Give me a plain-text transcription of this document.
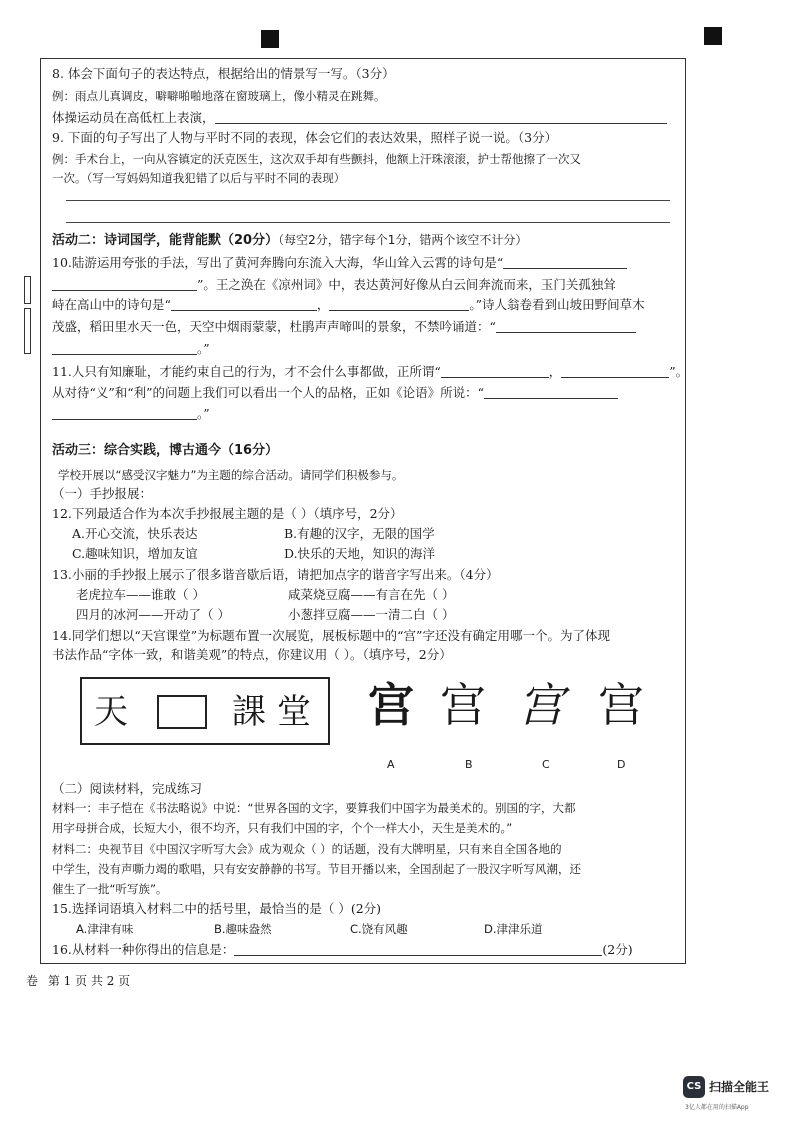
8. 体会下面句子的表达特点，根据给出的情景写一写。（3分）
例：雨点儿真调皮，噼噼啪啪地落在窗玻璃上，像小精灵在跳舞。
体操运动员在高低杠上表演，
9. 下面的句子写出了人物与平时不同的表现，体会它们的表达效果，照样子说一说。（3分）
例：手术台上，一向从容镇定的沃克医生，这次双手却有些颤抖，他额上汗珠滚滚，护士帮他擦了一次又
一次。（写一写妈妈知道我犯错了以后与平时不同的表现）
活动二：诗词国学，能背能默（20分）（每空2分，错字每个1分，错两个该空不计分）
10.陆游运用夸张的手法，写出了黄河奔腾向东流入大海，华山耸入云霄的诗句是“
”。王之涣在《凉州词》中，表达黄河好像从白云间奔流而来，玉门关孤独耸
峙在高山中的诗句是“	，	。”诗人翁卷看到山坡田野间草木
茂盛，稻田里水天一色，天空中烟雨蒙蒙，杜鹃声声啼叫的景象，不禁吟诵道：“
。”
11.人只有知廉耻，才能约束自己的行为，才不会什么事都做，正所谓“	，	”。
从对待“义”和“利”的问题上我们可以看出一个人的品格，正如《论语》所说：“
。”
活动三：综合实践，博古通今（16分）
学校开展以“感受汉字魅力”为主题的综合活动。请同学们积极参与。
（一）手抄报展：
12.下列最适合作为本次手抄报展主题的是（ ）（填序号，2分）
A.开心交流，快乐表达	B.有趣的汉字，无限的国学
C.趣味知识，增加友谊	D.快乐的天地，知识的海洋
13.小丽的手抄报上展示了很多谐音歇后语，请把加点字的谐音字写出来。（4分）
老虎拉车——谁敢（ ）	咸菜烧豆腐——有言在先（ ）
四月的冰河——开动了（ ）	小葱拌豆腐——一清二白（ ）
14.同学们想以“天宫课堂”为标题布置一次展览，展板标题中的“宫”字还没有确定用哪一个。为了体现
书法作品“字体一致，和谐美观”的特点，你建议用（ ）。（填序号，2分）
天	課 堂 宫 宫 宫 宫
A	B	C	D
（二）阅读材料，完成练习
材料一：丰子恺在《书法略说》中说：“世界各国的文字，要算我们中国字为最美术的。别国的字，大都
用字母拼合成，长短大小，很不均齐，只有我们中国的字，个个一样大小，天生是美术的。”
材料二：央视节目《中国汉字听写大会》成为观众（ ）的话题，没有大牌明星，只有来自全国各地的
中学生，没有声嘶力竭的歌唱，只有安安静静的书写。节目开播以来，全国刮起了一股汉字听写风潮，还
催生了一批“听写族”。
15.选择词语填入材料二中的括号里，最恰当的是（ ）(2分)
A.津津有味	B.趣味盎然	C.饶有风趣	D.津津乐道
16.从材料一种你得出的信息是：	(2分)
卷 第 1 页 共 2 页
CS 扫描全能王
3亿人都在用的扫描App
